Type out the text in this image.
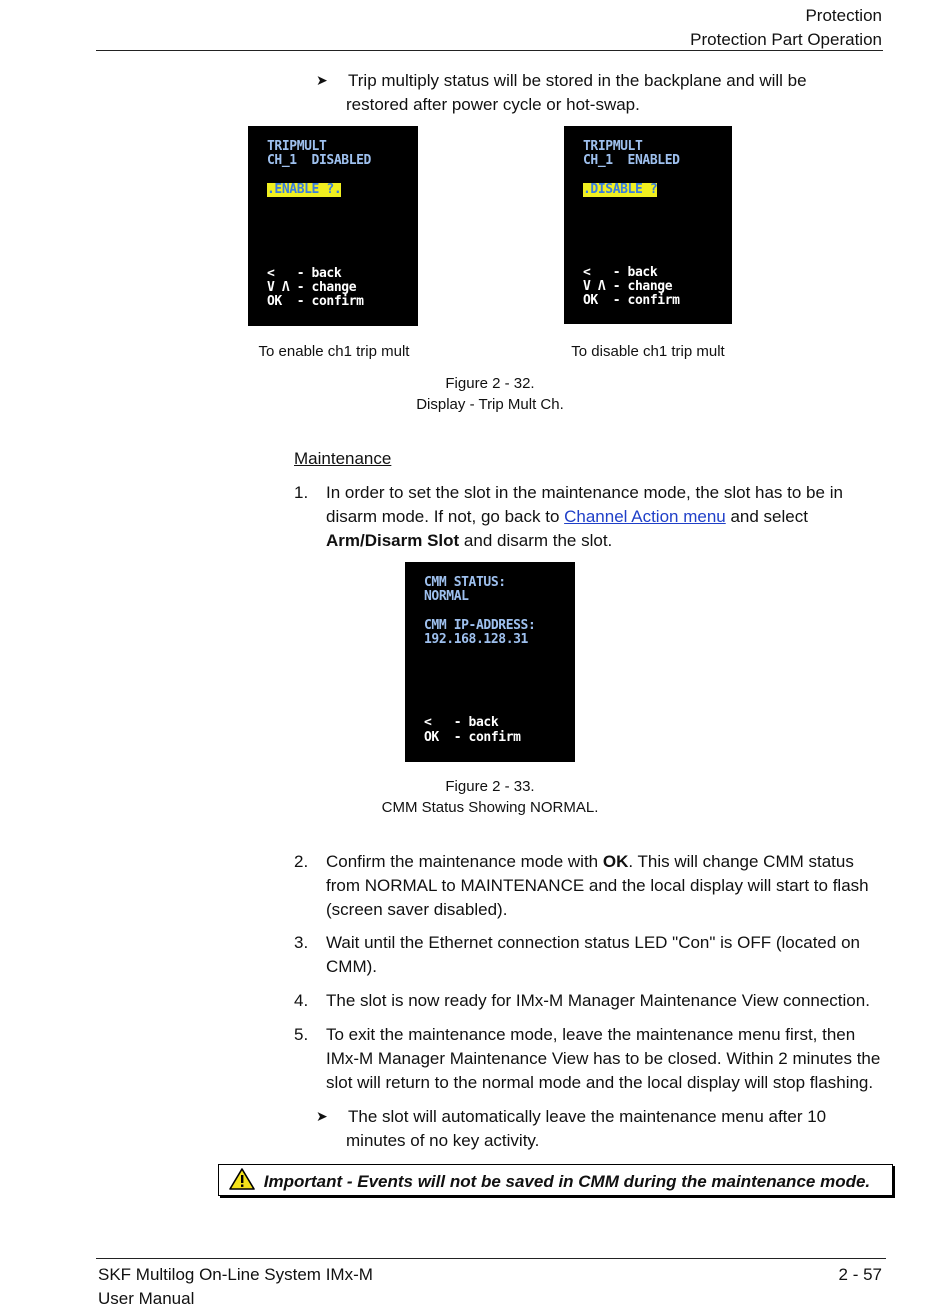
Protection
Protection Part Operation
➤ Trip multiply status will be stored in the backplane and will be
restored after power cycle or hot-swap.

TRIPMULT

CH_1  DISABLED

.ENABLE ?.

<   - back

V Λ - change

OK  - confirm

TRIPMULT

CH_1  ENABLED

.DISABLE ?

<   - back

V Λ - change

OK  - confirm

To enable ch1 trip mult	To disable ch1 trip mult
Figure 2 - 32.
Display - Trip Mult Ch.
Maintenance
1. In order to set the slot in the maintenance mode, the slot has to be in
disarm mode. If not, go back to Channel Action menu and select
Arm/Disarm Slot and disarm the slot.

CMM STATUS:

NORMAL

CMM IP-ADDRESS:

192.168.128.31

<   - back

OK  - confirm

Figure 2 - 33.
CMM Status Showing NORMAL.
2. Confirm the maintenance mode with OK. This will change CMM status
from NORMAL to MAINTENANCE and the local display will start to flash
(screen saver disabled).
3. Wait until the Ethernet connection status LED "Con" is OFF (located on
CMM).
4. The slot is now ready for IMx-M Manager Maintenance View connection.
5. To exit the maintenance mode, leave the maintenance menu first, then
IMx-M Manager Maintenance View has to be closed. Within 2 minutes the
slot will return to the normal mode and the local display will stop flashing.
➤ The slot will automatically leave the maintenance menu after 10
minutes of no key activity.
Important - Events will not be saved in CMM during the maintenance mode.
SKF Multilog On-Line System IMx-M
User Manual
2 - 57
